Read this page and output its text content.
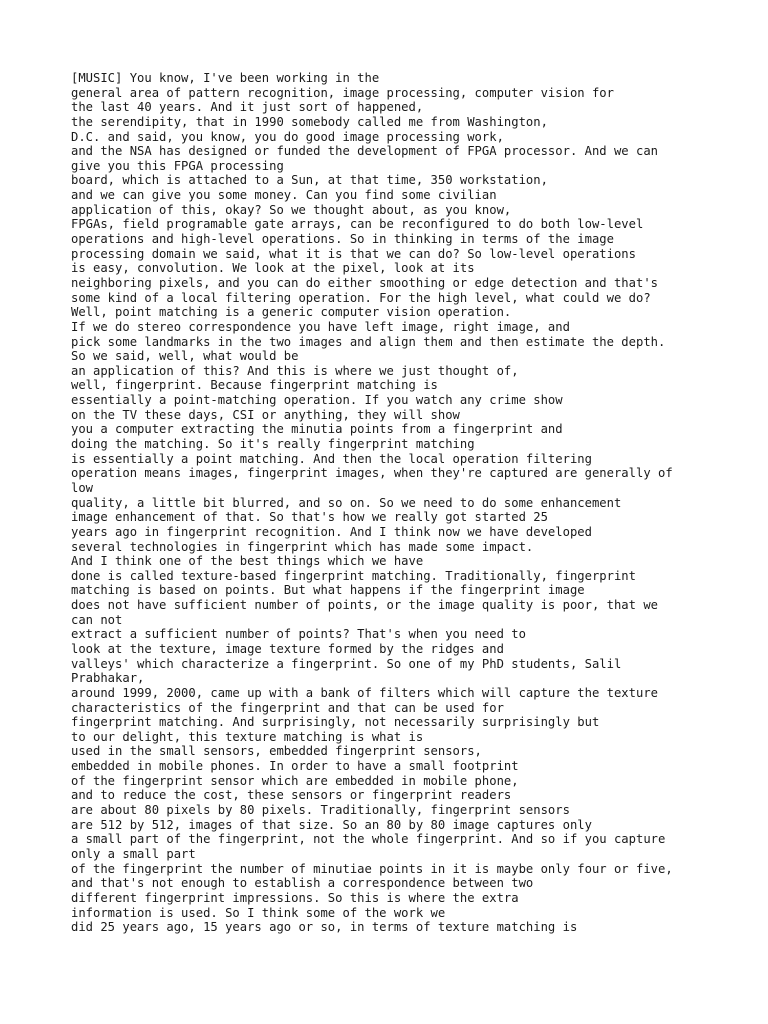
[MUSIC] You know, I've been working in the
general area of pattern recognition, image processing, computer vision for
the last 40 years. And it just sort of happened,
the serendipity, that in 1990 somebody called me from Washington,
D.C. and said, you know, you do good image processing work,
and the NSA has designed or funded the development of FPGA processor. And we can
give you this FPGA processing
board, which is attached to a Sun, at that time, 350 workstation,
and we can give you some money. Can you find some civilian
application of this, okay? So we thought about, as you know,
FPGAs, field programable gate arrays, can be reconfigured to do both low-level
operations and high-level operations. So in thinking in terms of the image
processing domain we said, what it is that we can do? So low-level operations
is easy, convolution. We look at the pixel, look at its
neighboring pixels, and you can do either smoothing or edge detection and that's
some kind of a local filtering operation. For the high level, what could we do?
Well, point matching is a generic computer vision operation.
If we do stereo correspondence you have left image, right image, and
pick some landmarks in the two images and align them and then estimate the depth.
So we said, well, what would be
an application of this? And this is where we just thought of,
well, fingerprint. Because fingerprint matching is
essentially a point-matching operation. If you watch any crime show
on the TV these days, CSI or anything, they will show
you a computer extracting the minutia points from a fingerprint and
doing the matching. So it's really fingerprint matching
is essentially a point matching. And then the local operation filtering
operation means images, fingerprint images, when they're captured are generally of
low
quality, a little bit blurred, and so on. So we need to do some enhancement
image enhancement of that. So that's how we really got started 25
years ago in fingerprint recognition. And I think now we have developed
several technologies in fingerprint which has made some impact.
And I think one of the best things which we have
done is called texture-based fingerprint matching. Traditionally, fingerprint
matching is based on points. But what happens if the fingerprint image
does not have sufficient number of points, or the image quality is poor, that we
can not
extract a sufficient number of points? That's when you need to
look at the texture, image texture formed by the ridges and
valleys' which characterize a fingerprint. So one of my PhD students, Salil
Prabhakar,
around 1999, 2000, came up with a bank of filters which will capture the texture
characteristics of the fingerprint and that can be used for
fingerprint matching. And surprisingly, not necessarily surprisingly but
to our delight, this texture matching is what is
used in the small sensors, embedded fingerprint sensors,
embedded in mobile phones. In order to have a small footprint
of the fingerprint sensor which are embedded in mobile phone,
and to reduce the cost, these sensors or fingerprint readers
are about 80 pixels by 80 pixels. Traditionally, fingerprint sensors
are 512 by 512, images of that size. So an 80 by 80 image captures only
a small part of the fingerprint, not the whole fingerprint. And so if you capture
only a small part
of the fingerprint the number of minutiae points in it is maybe only four or five,
and that's not enough to establish a correspondence between two
different fingerprint impressions. So this is where the extra
information is used. So I think some of the work we
did 25 years ago, 15 years ago or so, in terms of texture matching is
